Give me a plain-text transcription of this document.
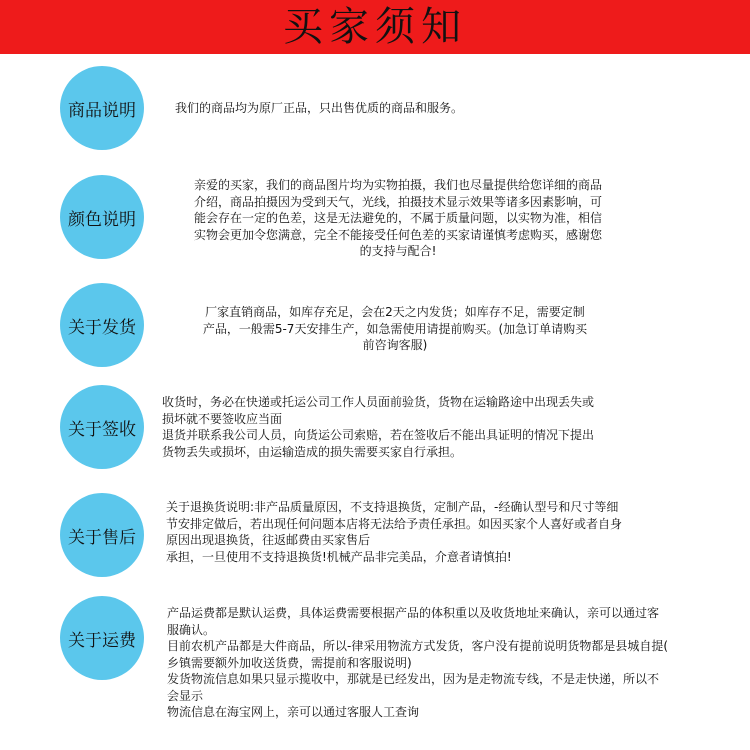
买家须知
商品说明	我们的商品均为原厂正品，只出售优质的商品和服务。
颜色说明
亲爱的买家，我们的商品图片均为实物拍摄，我们也尽量提供给您详细的商品
介绍，商品拍摄因为受到天气，光线，拍摄技术显示效果等诸多因素影响，可
能会存在一定的色差，这是无法避免的，不属于质量问题，以实物为准，相信
实物会更加令您满意，完全不能接受任何色差的买家请谨慎考虑购买，感谢您
的支持与配合!
关于发货
厂家直销商品，如库存充足，会在2天之内发货；如库存不足，需要定制
产品，一般需5-7天安排生产，如急需使用请提前购买。(加急订单请购买
前咨询客服)
关于签收
收货时，务必在快递或托运公司工作人员面前验货，货物在运输路途中出现丢失或
损坏就不要签收应当面
退货并联系我公司人员，向货运公司索赔，若在签收后不能出具证明的情况下提出
货物丢失或损坏，由运输造成的损失需要买家自行承担。
关于售后
关于退换货说明:非产品质量原因，不支持退换货，定制产品，-经确认型号和尺寸等细
节安排定做后，若出现任何问题本店将无法给予责任承担。如因买家个人喜好或者自身
原因出现退换货，往返邮费由买家售后
承担，一旦使用不支持退换货!机械产品非完美品，介意者请慎拍!
关于运费
产品运费都是默认运费，具体运费需要根据产品的体积重以及收货地址来确认，亲可以通过客
服确认。
目前农机产品都是大件商品，所以-律采用物流方式发货，客户没有提前说明货物都是县城自提(
乡镇需要额外加收送货费，需提前和客服说明)
发货物流信息如果只显示揽收中，那就是已经发出，因为是走物流专线，不是走快递，所以不
会显示
物流信息在海宝网上，亲可以通过客服人工查询
